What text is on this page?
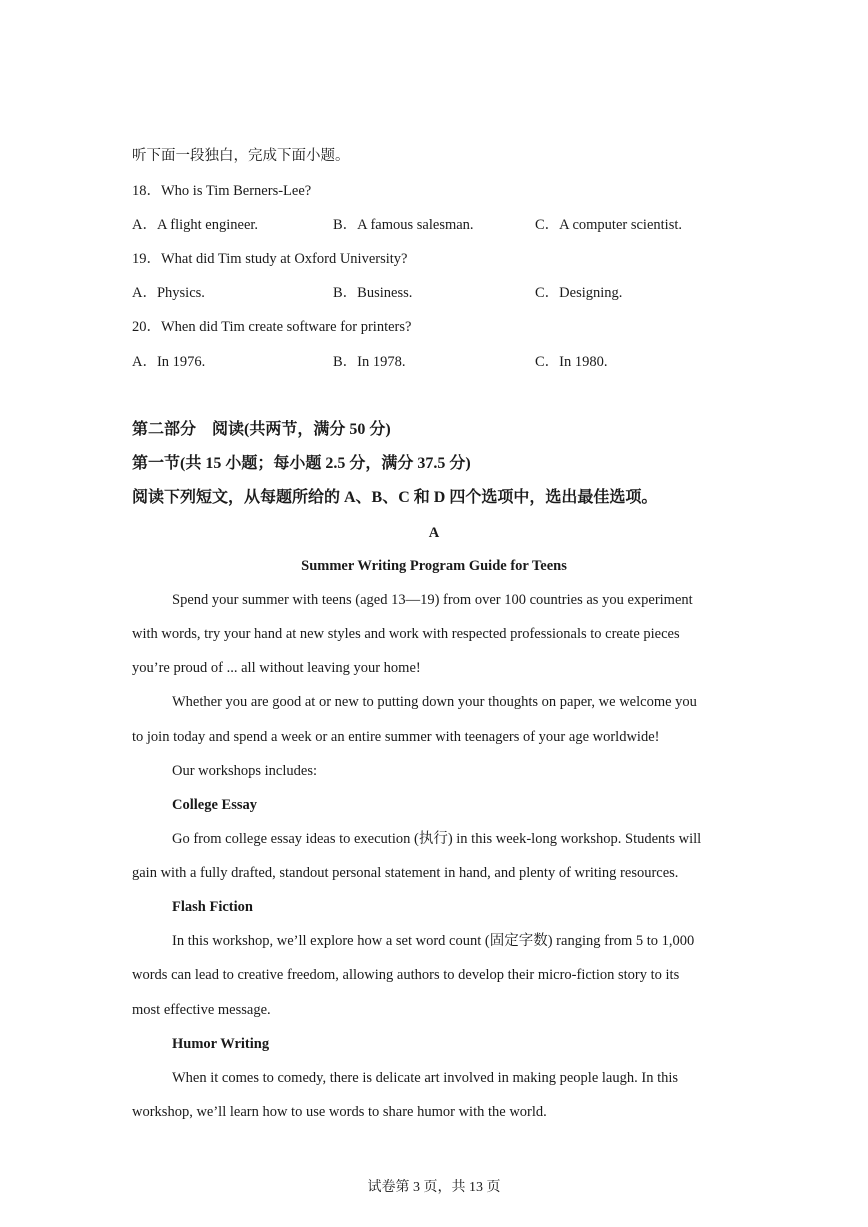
听下面一段独白，完成下面小题。
18．Who is Tim Berners-Lee?
A．A flight engineer.	B．A famous salesman.	C．A computer scientist.
19．What did Tim study at Oxford University?
A．Physics.	B．Business.	C．Designing.
20．When did Tim create software for printers?
A．In 1976.	B．In 1978.	C．In 1980.
第二部分　阅读(共两节，满分 50 分)
第一节(共 15 小题；每小题 2.5 分，满分 37.5 分)
阅读下列短文，从每题所给的 A、B、C 和 D 四个选项中，选出最佳选项。
A
Summer Writing Program Guide for Teens
Spend your summer with teens (aged 13—19) from over 100 countries as you experiment
with words, try your hand at new styles and work with respected professionals to create pieces
you’re proud of ... all without leaving your home!
Whether you are good at or new to putting down your thoughts on paper, we welcome you
to join today and spend a week or an entire summer with teenagers of your age worldwide!
Our workshops includes:
College Essay
Go from college essay ideas to execution (执行) in this week-long workshop. Students will
gain with a fully drafted, standout personal statement in hand, and plenty of writing resources.
Flash Fiction
In this workshop, we’ll explore how a set word count (固定字数) ranging from 5 to 1,000
words can lead to creative freedom, allowing authors to develop their micro-fiction story to its
most effective message.
Humor Writing
When it comes to comedy, there is delicate art involved in making people laugh. In this
workshop, we’ll learn how to use words to share humor with the world.
试卷第 3 页，共 13 页
